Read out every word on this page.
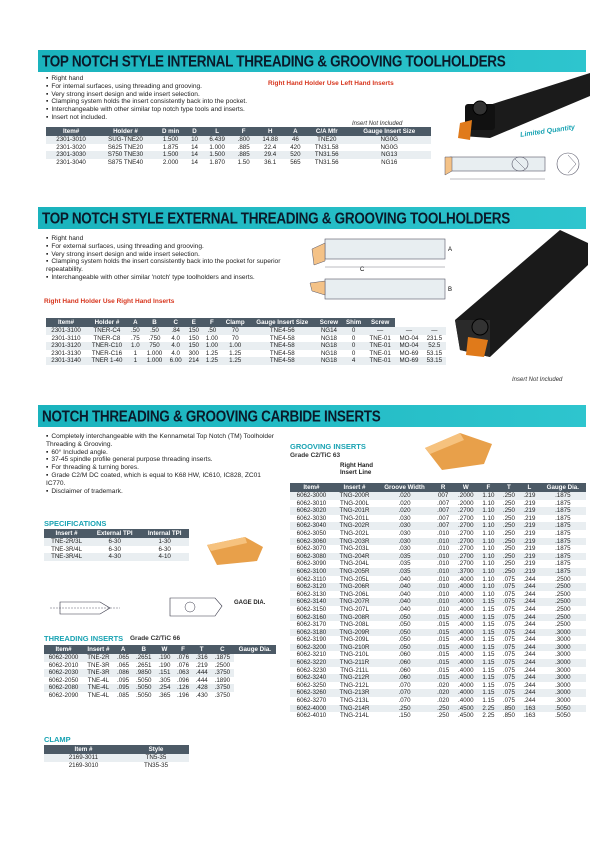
TOP NOTCH STYLE INTERNAL THREADING & GROOVING TOOLHOLDERS
▪ Right hand
▪ For internal surfaces, using threading and grooving.
▪ Very strong insert design and wide insert selection.
▪ Clamping system holds the insert consistently back into the pocket.
▪ Interchangeable with other similar top notch type tools and inserts.
▪ Insert not included.
Right Hand Holder Use Left Hand Inserts
Insert Not Included
Limited Quantity
Item#	Holder #	D min	D	L	F	H	A	C/A Mfr	Gauge Insert Size
2301-3010	SUG-TNE20	1.500	10	6.439	.800	14.88	46	TNE20	NG0G
2301-3020	S625 TNE20	1.875	14	1.000	.885	22.4	420	TN31.58	NG0G
2301-3030	S750 TNE30	1.500	14	1.500	.885	29.4	520	TN31.56	NG13
2301-3040	S875 TNE40	2.000	14	1.870	1.50	36.1	565	TN31.56	NG16
TOP NOTCH STYLE EXTERNAL THREADING & GROOVING TOOLHOLDERS
▪ Right hand
▪ For external surfaces, using threading and grooving.
▪ Very strong insert design and wide insert selection.
▪ Clamping system holds the insert consistently back into the pocket for superior repeatability.
▪ Interchangeable with other similar 'notch' type toolholders and inserts.
Right Hand Holder Use Right Hand Inserts
C
A
B
Insert Not Included
Item#	Holder #	A	B	C	E	F	Clamp	Gauge Insert Size	Screw	Shim	Screw		
2301-3100	TNER-C4	.50	.50	.84	150	.50	70	TNE4-56	NG14	0	—	—	—
2301-3110	TNER-C8	.75	.750	4.0	150	1.00	70	TNE4-58	NG18	0	TNE-01	MO-04	231.5
2301-3120	TNER-C10	1.0	750	4.0	150	1.00	1.00	TNE4-58	NG18	0	TNE-01	MO-04	52.5
2301-3130	TNER-C16	1	1.000	4.0	300	1.25	1.25	TNE4-58	NG18	0	TNE-01	MO-69	53.15
2301-3140	TNER 1-40	1	1.000	6.00	214	1.25	1.25	TNE4-58	NG18	4	TNE-01	MO-69	53.15
NOTCH THREADING & GROOVING CARBIDE INSERTS
▪ Completely interchangeable with the Kennametal Top Notch (TM) Toolholder Threading & Grooving.
▪ 60° Included angle.
▪ 37-45 spindle profile general purpose threading inserts.
▪ For threading & turning bores.
▪ Grade C2/M DC coated, which is equal to K68 HW, IC610, IC828, ZC01 IC770.
▪ Disclaimer of trademark.
SPECIFICATIONS
Insert #	External TPI	Internal TPI
TNE-2R/3L	6-30	1-30
TNE-3R/4L	6-30	6-30
TNE-3R/4L	4-30	4-10
GAGE DIA.
THREADING INSERTS Grade C2/TiC 66
Item#	Insert #	A	B	W	F	T	C	Gauge Dia.
6062-2000	TNE-2R	.065	.2651	.190	.076	.316	.1875	
6062-2010	TNE-3R	.065	.2651	.190	.076	.219	.2500	
6062-2030	TNE-3R	.086	.9850	.151	.063	.444	.3750	
6062-2050	TNE-4L	.095	.5050	.305	.096	.444	.1890	
6062-2080	TNE-4L	.095	.5050	.254	.126	.428	.3750	
6062-2090	TNE-4L	.085	.5050	.365	.196	.430	.3750	
CLAMP
Item #	Style
2169-3011	TN5-35
2169-3010	TN35-35
GROOVING INSERTS
Grade C2/TiC 63
Right Hand Insert Line
Item#	Insert #	Groove Width	R	W	F	T	L	Gauge Dia.
6062-3000	TNG-200R	.020	007	.2000	1.10	.250	.219	.1875
6062-3010	TNG-200L	.020	.007	.2000	1.10	.250	.219	.1875
6062-3020	TNG-201R	.020	.007	.2700	1.10	.250	.219	.1875
6062-3030	TNG-201L	.030	.007	.2700	1.10	.250	.219	.1875
6062-3040	TNG-202R	.030	.007	.2700	1.10	.250	.219	.1875
6062-3050	TNG-202L	.030	.010	.2700	1.10	.250	.219	.1875
6062-3060	TNG-203R	.030	.010	.2700	1.10	.250	.219	.1875
6062-3070	TNG-203L	.030	.010	.2700	1.10	.250	.219	.1875
6062-3080	TNG-204R	.035	.010	.2700	1.10	.250	.219	.1875
6062-3090	TNG-204L	.035	.010	.2700	1.10	.250	.219	.1875
6062-3100	TNG-205R	.035	.010	.3700	1.10	.250	.219	.1875
6062-3110	TNG-205L	.040	.010	.4000	1.10	.075	.244	.2500
6062-3120	TNG-206R	.040	.010	.4000	1.10	.075	.244	.2500
6062-3130	TNG-206L	.040	.010	.4000	1.10	.075	.244	.2500
6062-3140	TNG-207R	.040	.010	.4000	1.15	.075	.244	.2500
6062-3150	TNG-207L	.040	.010	.4000	1.15	.075	.244	.2500
6062-3160	TNG-208R	.050	.015	.4000	1.15	.075	.244	.2500
6062-3170	TNG-208L	.050	.015	.4000	1.15	.075	.244	.2500
6062-3180	TNG-209R	.050	.015	.4000	1.15	.075	.244	.3000
6062-3190	TNG-209L	.050	.015	.4000	1.15	.075	.244	.3000
6062-3200	TNG-210R	.050	.015	.4000	1.15	.075	.244	.3000
6062-3210	TNG-210L	.060	.015	.4000	1.15	.075	.244	.3000
6062-3220	TNG-211R	.060	.015	.4000	1.15	.075	.244	.3000
6062-3230	TNG-211L	.060	.015	.4000	1.15	.075	.244	.3000
6062-3240	TNG-212R	.060	.015	.4000	1.15	.075	.244	.3000
6062-3250	TNG-212L	.070	.020	.4000	1.15	.075	.244	.3000
6062-3260	TNG-213R	.070	.020	.4000	1.15	.075	.244	.3000
6062-3270	TNG-213L	.070	.020	.4000	1.15	.075	.244	.3000
6062-4000	TNG-214R	.250	.250	.4500	2.25	.850	.163	.5050
6062-4010	TNG-214L	.150	.250	.4500	2.25	.850	.163	.5050
